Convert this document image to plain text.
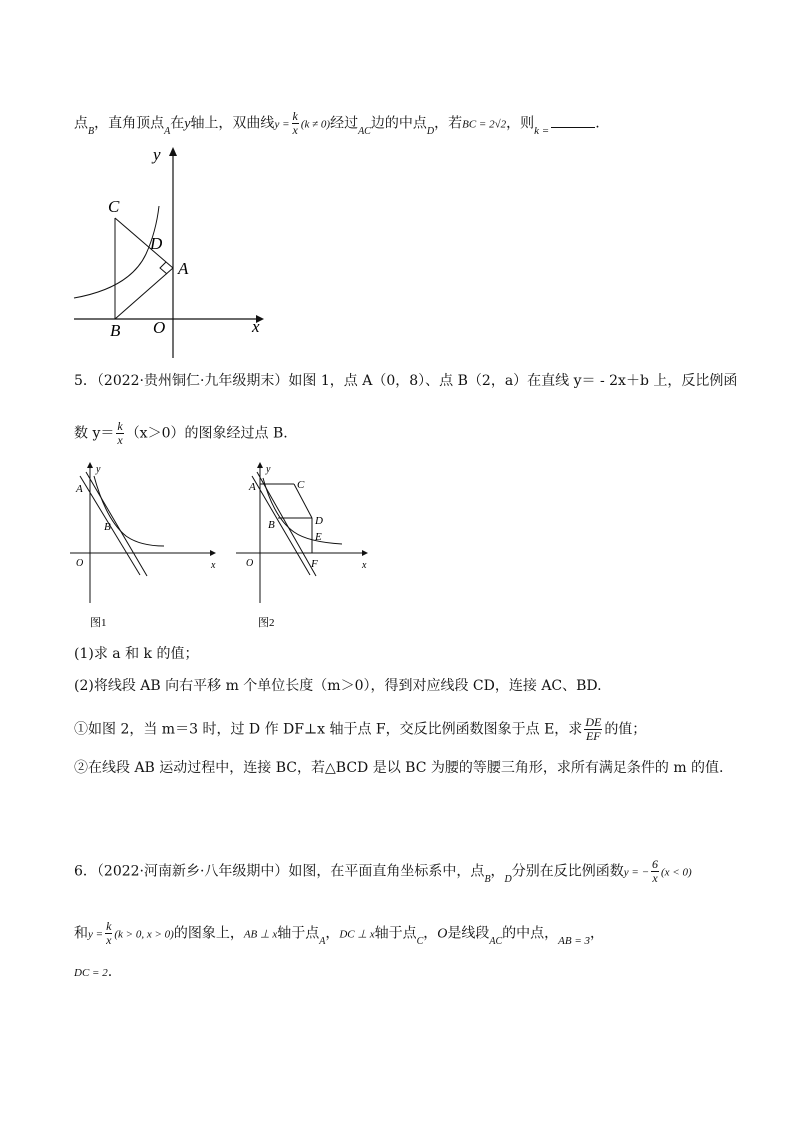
点$_B$，直角顶点$_A$在y轴上，双曲线$y = \frac{k}{x} (k \ne 0)$经过$_{AC}$边的中点$_D$，若BC = 2√2，则$_{k =}$	.
C
D
A
B O	x
y
5．（2022·贵州铜仁·九年级期末）如图 1，点 A（0，8）、点 B（2，a）在直线 y＝ - 2x＋b 上，反比例函
数 $y= \frac{k}{x} (x>0)$的图象经过点 B.
A
B
O	x
y
图1
A	C
B	D
E
F
O	x
y
图2
(1)求 a 和 k 的值；
(2)将线段 AB 向右平移 m 个单位长度（m＞0），得到对应线段 CD，连接 AC、BD.
①如图 2，当 m＝3 时，过 D 作 DF⊥x 轴于点 F，交反比例函数图象于点 E，求 $\frac{DE}{EF}$ 的值；
②在线段 AB 运动过程中，连接 BC，若△BCD 是以 BC 为腰的等腰三角形，求所有满足条件的 m 的值.
6．（2022·河南新乡·八年级期中）如图，在平面直角坐标系中，点$_B$，$_D$分别在反比例函数y = − $\frac{6}{x} (x < 0)$
和$y = \frac{k}{x} (k > 0$, x > 0)的图象上，AB ⊥ x轴于点$_A$，DC ⊥ x轴于点$_C$，O是线段$_{AC}$的中点，$_{AB = 3}$，
DC = 2.
